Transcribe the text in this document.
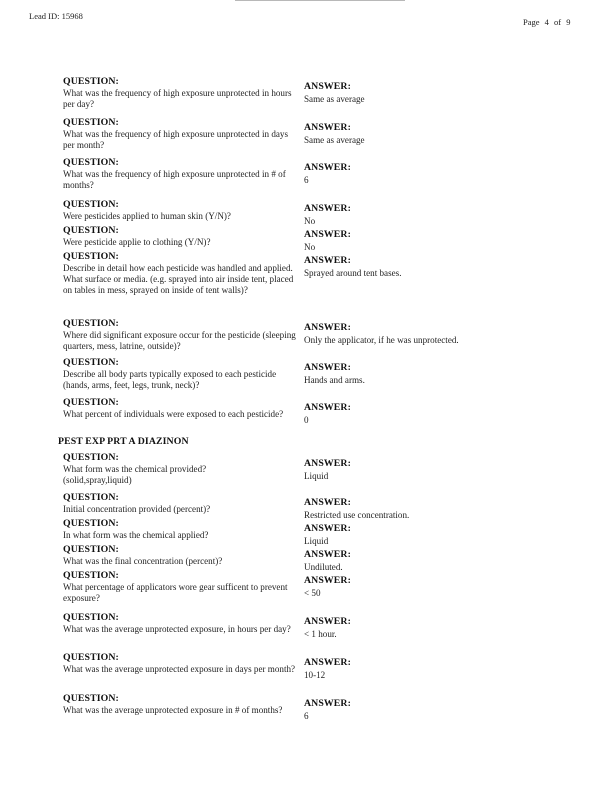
Lead ID: 15968
Page 4 of 9
QUESTION:
What was the frequency of high exposure unprotected in hours per day?
ANSWER:
Same as average
QUESTION:
What was the frequency of high exposure unprotected in days per month?
ANSWER:
Same as average
QUESTION:
What was the frequency of high exposure unprotected in # of months?
ANSWER:
6
QUESTION:
Were pesticides applied to human skin (Y/N)?
ANSWER:
No
QUESTION:
Were pesticide applie to clothing (Y/N)?
ANSWER:
No
QUESTION:
Describe in detail how each pesticide was handled and applied. What surface or media. (e.g. sprayed into air inside tent, placed on tables in mess, sprayed on inside of tent walls)?
ANSWER:
Sprayed around tent bases.
QUESTION:
Where did significant exposure occur for the pesticide (sleeping quarters, mess, latrine, outside)?
ANSWER:
Only the applicator, if he was unprotected.
QUESTION:
Describe all body parts typically exposed to each pesticide (hands, arms, feet, legs, trunk, neck)?
ANSWER:
Hands and arms.
QUESTION:
What percent of individuals were exposed to each pesticide?
ANSWER:
0
PEST EXP PRT A DIAZINON
QUESTION:
What form was the chemical provided?(solid,spray,liquid)
ANSWER:
Liquid
QUESTION:
Initial concentration provided (percent)?
ANSWER:
Restricted use concentration.
QUESTION:
In what form was the chemical applied?
ANSWER:
Liquid
QUESTION:
What was the final concentration (percent)?
ANSWER:
Undiluted.
QUESTION:
What percentage of applicators wore gear sufficent to prevent exposure?
ANSWER:
< 50
QUESTION:
What was the average unprotected exposure, in hours per day?
ANSWER:
< 1 hour.
QUESTION:
What was the average unprotected exposure in days per month?
ANSWER:
10-12
QUESTION:
What was the average unprotected exposure in # of months?
ANSWER:
6
